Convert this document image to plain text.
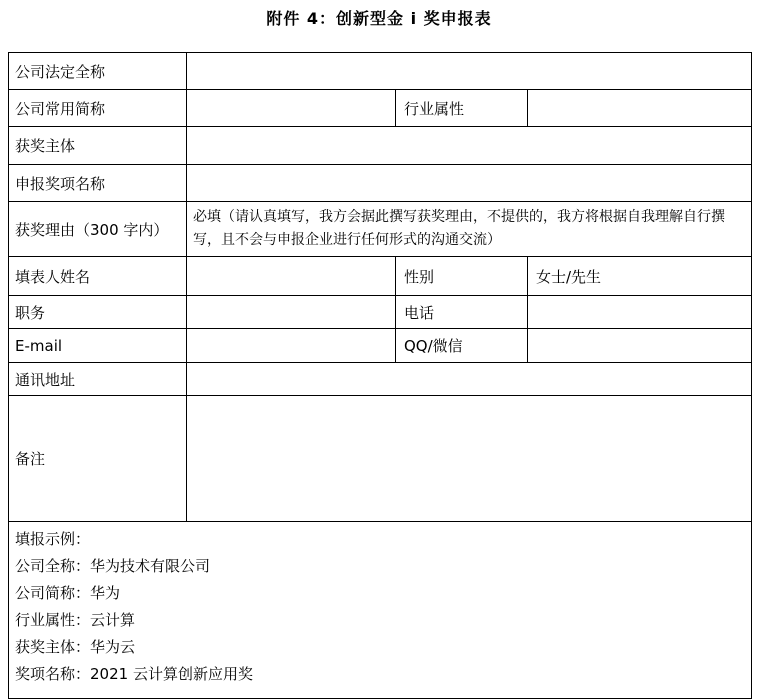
附件 4：创新型金 i 奖申报表
公司法定全称			
公司常用简称		行业属性	
获奖主体			
申报奖项名称			
获奖理由（300 字内）	必填（请认真填写，我方会据此撰写获奖理由，不提供的，我方将根据自我理解自行撰写，且不会与申报企业进行任何形式的沟通交流）		
填表人姓名		性别	女士/先生
职务		电话	
E-mail		QQ/微信	
通讯地址			
备注			

填报示例：
公司全称：华为技术有限公司
公司简称：华为
行业属性：云计算
获奖主体：华为云
奖项名称：2021 云计算创新应用奖
